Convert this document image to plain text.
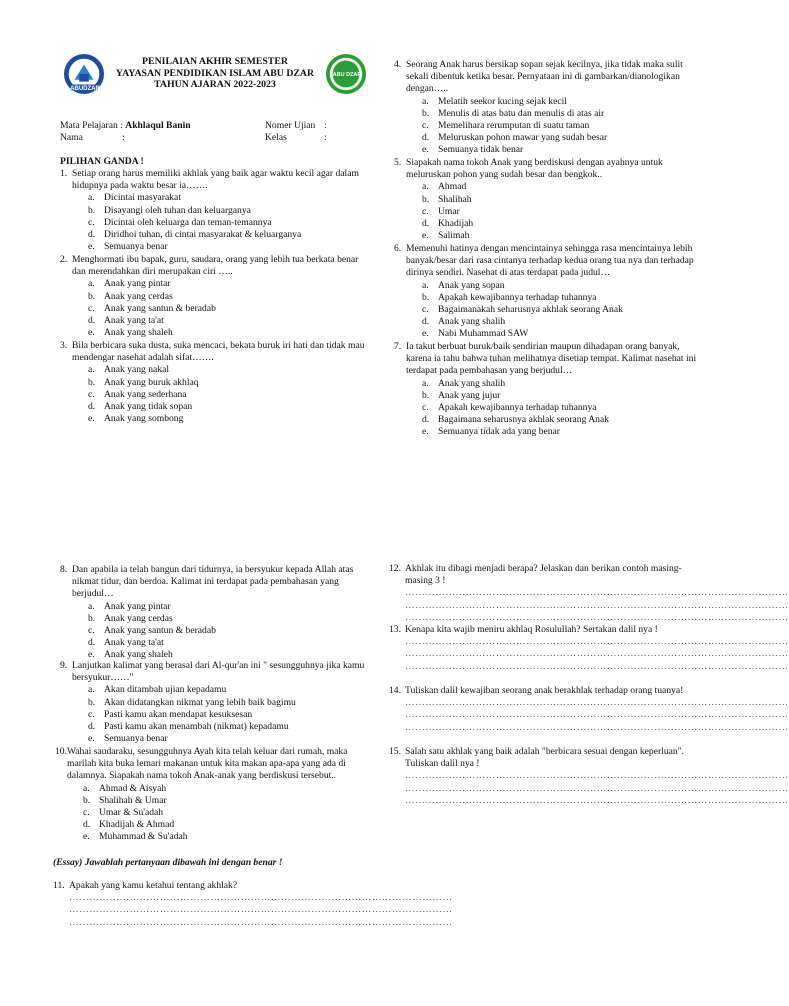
ABUDZAR
PENILAIAN AKHIR SEMESTER
YAYASAN PENDIDIKAN ISLAM ABU DZAR
TAHUN AJARAN 2022-2023
ABU DZAR
Mata Pelajaran : Akhlaqul Banin
Nama	:
Nomer Ujian :
Kelas	:
PILIHAN GANDA !
1. Setiap orang harus memiliki akhlak yang baik agar waktu kecil agar dalam
hidupnya pada waktu besar ia…….
a. Dicintai masyarakat
b. Disayangi oleh tuhan dan keluarganya
c. Dicintai oleh keluarga dan teman-temannya
d. Diridhoi tuhan, di cintai masyarakat & keluarganya
e. Semuanya benar
2. Menghormati ibu bapak, guru, saudara, orang yang lebih tua berkata benar
dan merendahkan diri merupakan ciri …..
a. Anak yang pintar
b. Anak yang cerdas
c. Anak yang santun & beradab
d. Anak yang ta'at
e. Anak yang shaleh
3. Bila berbicara suka dusta, suka mencaci, bekata buruk iri hati dan tidak mau
mendengar nasehat adalah sifat…….
a. Anak yang nakal
b. Anak yang buruk akhlaq
c. Anak yang sederhana
d. Anak yang tidak sopan
e. Anak yang sombong
4. Seorang Anak harus bersikap sopan sejak kecilnya, jika tidak maka sulit
sekali dibentuk ketika besar. Pernyataan ini di gambarkan/dianologikan
dengan…..
a. Melatih seekor kucing sejak kecil
b. Menulis di atas batu dan menulis di atas air
c. Memelihara rerumputan di suatu taman
d. Meluruskan pohon mawar yang sudah besar
e. Semuanya tidak benar
5. Siapakah nama tokoh Anak yang berdiskusi dengan ayahnya untuk
meluruskan pohon yang sudah besar dan bengkok..
a. Ahmad
b. Shalihah
c. Umar
d. Khadijah
e. Salimah
6. Memenuhi hatinya dengan mencintainya sehingga rasa mencintainya lebih
banyak/besar dari rasa cintanya terhadap kedua orang tua nya dan terhadap
dirinya sendiri. Nasehat di atas terdapat pada judul…
a. Anak yang sopan
b. Apakah kewajibannya terhadap tuhannya
c. Bagaimanakah seharusnya akhlak seorang Anak
d. Anak yang shalih
e. Nabi Muhammad SAW
7. Ia takut berbuat buruk/baik sendirian maupun dihadapan orang banyak,
karena ia tahu bahwa tuhan melihatnya disetiap tempat. Kalimat nasehat ini
terdapat pada pembahasan yang berjudul…
a. Anak yang shalih
b. Anak yang jujur
c. Apakah kewajibannya terhadap tuhannya
d. Bagaimana seharusnya akhlak seorang Anak
e. Semuanya tidak ada yang benar
8. Dan apabila ia telah bangun dari tidurnya, ia bersyukur kepada Allah atas
nikmat tidur, dan berdoa. Kalimat ini terdapat pada pembahasan yang
berjudul…
a. Anak yang pintar
b. Anak yang cerdas
c. Anak yang santun & beradab
d. Anak yang ta'at
e. Anak yang shaleh
9. Lanjutkan kalimat yang berasal dari Al-qur'an ini " sesungguhnya jika kamu
bersyukur……"
a. Akan ditambah ujian kepadamu
b. Akan didatangkan nikmat yang lebih baik bagimu
c. Pasti kamu akan mendapat kesuksesan
d. Pasti kamu akan menambah (nikmat) kepadamu
e. Semuanya benar
10. Wahai saudaraku, sesungguhnya Ayah kita telah keluar dari rumah, maka
marilah kita buka lemari makanan untuk kita makan apa-apa yang ada di
dalamnya. Siapakah nama tokoh Anak-anak yang berdiskusi tersebut..
a. Ahmad & Aisyah
b. Shalihah & Umar
c. Umar & Su'adah
d. Khadijah & Ahmad
e. Muhammad & Su'adah
(Essay) Jawablah pertanyaan dibawah ini dengan benar !
11. Apakah yang kamu ketahui tentang akhlak?
……………………………………………………………………………………………………
……………………………………………………………………………………………………
……………………………………………………………………………………………………
12. Akhlak itu dibagi menjadi berapa? Jelaskan dan berikan contoh masing-
masing 3 !
……………………………………………………………………………………………………
……………………………………………………………………………………………………
……………………………………………………………………………………………………
13. Kenapa kita wajib meniru akhlaq Rosulullah? Sertakan dalil nya !
……………………………………………………………………………………………………
……………………………………………………………………………………………………
……………………………………………………………………………………………………
14. Tuliskan dalil kewajiban seorang anak berakhlak terhadap orang tuanya!
……………………………………………………………………………………………………
……………………………………………………………………………………………………
……………………………………………………………………………………………………
15. Salah satu akhlak yang baik adalah "berbicara sesuai dengan keperluan".
Tuliskan dalil nya !
……………………………………………………………………………………………………
……………………………………………………………………………………………………
……………………………………………………………………………………………………
